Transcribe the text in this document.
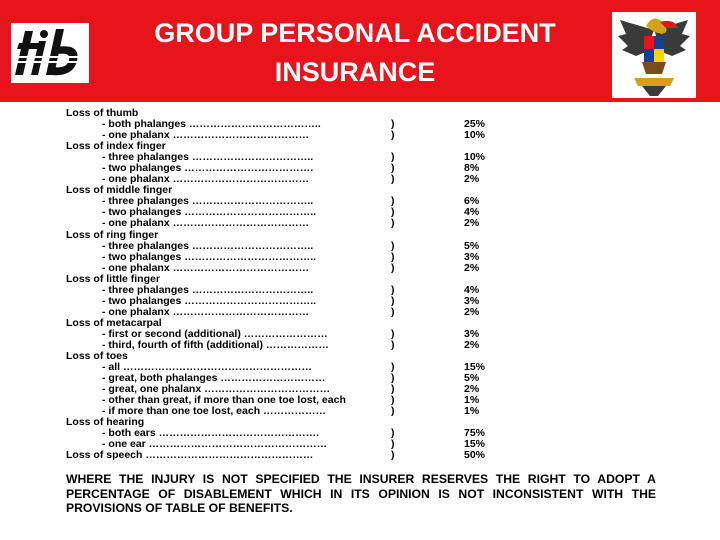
GROUP PERSONAL ACCIDENT
INSURANCE
Loss of thumb
- both phalanges ………………………………..	)	25%
- one phalanx …………………………………	)	10%
Loss of index finger
- three phalanges ……………………………..	)	10%
- two phalanges ……………………………….	)	8%
- one phalanx …………………………………	)	2%
Loss of middle finger
- three phalanges ……………………………..	)	6%
- two phalanges ………………………………..	)	4%
- one phalanx …………………………………	)	2%
Loss of ring finger
- three phalanges ……………………………..	)	5%
- two phalanges ………………………………..	)	3%
- one phalanx …………………………………	)	2%
Loss of little finger
- three phalanges ……………………………..	)	4%
- two phalanges ………………………………..	)	3%
- one phalanx …………………………………	)	2%
Loss of metacarpal
- first or second (additional) ……………………	)	3%
- third, fourth of fifth (additional) ………………	)	2%
Loss of toes
- all ………………………………………………	)	15%
- great, both phalanges …………………………	)	5%
- great, one phalanx ………………………………	)	2%
- other than great, if more than one toe lost, each	)	1%
- if more than one toe lost, each ………………	)	1%
Loss of hearing
- both ears ……………………………………….	)	75%
- one ear ……………………………………………	)	15%
Loss of speech …………………………………………	)	50%
WHERE THE INJURY IS NOT SPECIFIED THE INSURER RESERVES THE RIGHT TO ADOPT A PERCENTAGE OF DISABLEMENT WHICH IN ITS OPINION IS NOT INCONSISTENT WITH THE PROVISIONS OF TABLE OF BENEFITS.
